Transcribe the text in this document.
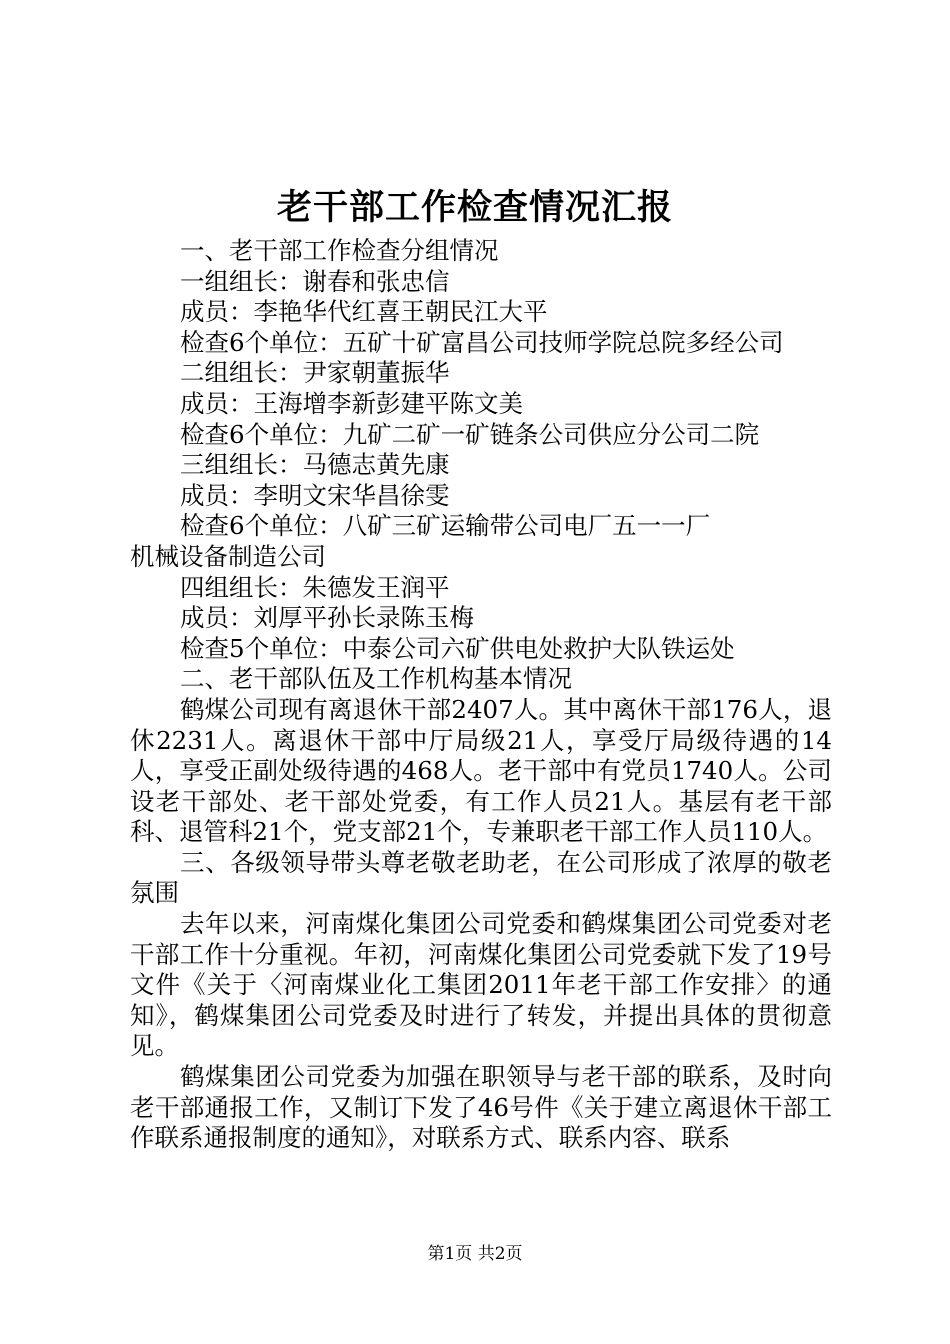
老干部工作检查情况汇报

一、老干部工作检查分组情况

一组组长：谢春和张忠信

成员：李艳华代红喜王朝民江大平

检查6个单位：五矿十矿富昌公司技师学院总院多经公司

二组组长：尹家朝董振华

成员：王海增李新彭建平陈文美

检查6个单位：九矿二矿一矿链条公司供应分公司二院

三组组长：马德志黄先康

成员：李明文宋华昌徐雯

检查6个单位：八矿三矿运输带公司电厂五一一厂

机械设备制造公司

四组组长：朱德发王润平

成员：刘厚平孙长录陈玉梅

检查5个单位：中泰公司六矿供电处救护大队铁运处

二、老干部队伍及工作机构基本情况

鹤煤公司现有离退休干部2407人。其中离休干部176人，退休2231人。离退休干部中厅局级21人，享受厅局级待遇的14人，享受正副处级待遇的468人。老干部中有党员1740人。公司设老干部处、老干部处党委，有工作人员21人。基层有老干部科、退管科21个，党支部21个，专兼职老干部工作人员110人。

三、各级领导带头尊老敬老助老，在公司形成了浓厚的敬老氛围

去年以来，河南煤化集团公司党委和鹤煤集团公司党委对老干部工作十分重视。年初，河南煤化集团公司党委就下发了19号文件《关于〈河南煤业化工集团2011年老干部工作安排〉的通知》，鹤煤集团公司党委及时进行了转发，并提出具体的贯彻意见。

鹤煤集团公司党委为加强在职领导与老干部的联系，及时向老干部通报工作，又制订下发了46号件《关于建立离退休干部工作联系通报制度的通知》，对联系方式、联系内容、联系

第1页 共2页
